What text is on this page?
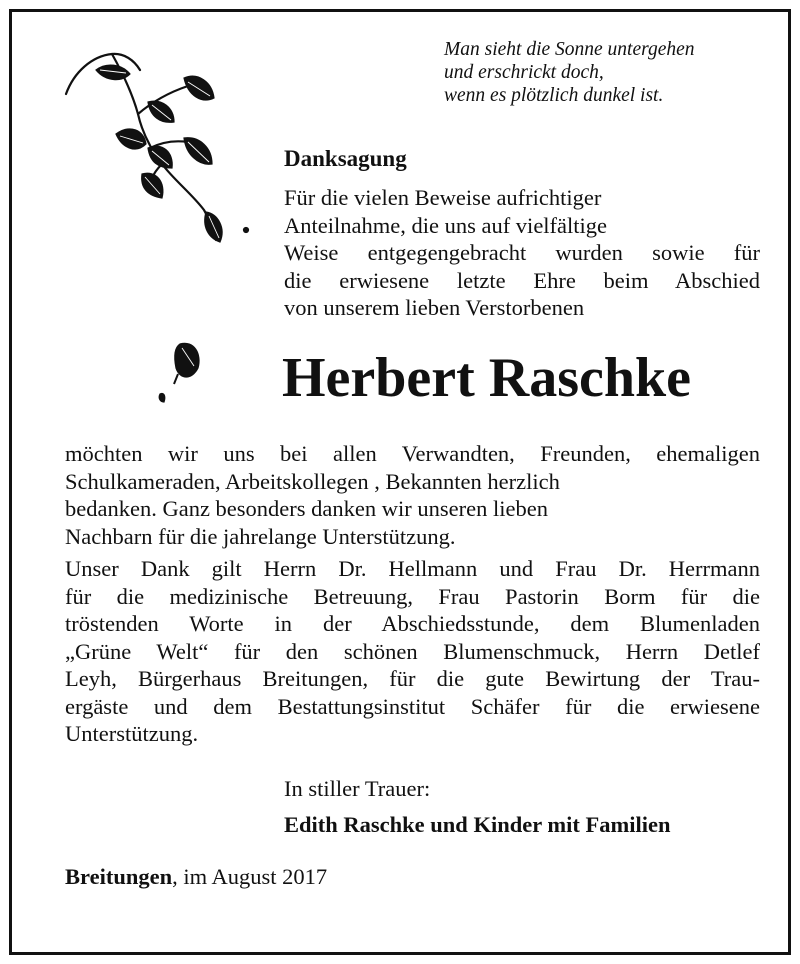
Man sieht die Sonne untergehen
und erschrickt doch,
wenn es plötzlich dunkel ist.
Danksagung
Für die vielen Beweise aufrichtiger
Anteilnahme, die uns auf vielfältige
Weise entgegengebracht wurden sowie für
die erwiesene letzte Ehre beim Abschied
von unserem lieben Verstorbenen
Herbert Raschke
möchten wir uns bei allen Verwandten, Freunden, ehemaligen
Schulkameraden, Arbeitskollegen , Bekannten herzlich
bedanken. Ganz besonders danken wir unseren lieben
Nachbarn für die jahrelange Unterstützung.
Unser Dank gilt Herrn Dr. Hellmann und Frau Dr. Herrmann
für die medizinische Betreuung, Frau Pastorin Borm für die
tröstenden Worte in der Abschiedsstunde, dem Blumenladen
„Grüne Welt“ für den schönen Blumenschmuck, Herrn Detlef
Leyh, Bürgerhaus Breitungen, für die gute Bewirtung der Trau-
ergäste und dem Bestattungsinstitut Schäfer für die erwiesene
Unterstützung.
In stiller Trauer:
Edith Raschke und Kinder mit Familien
Breitungen, im August 2017
